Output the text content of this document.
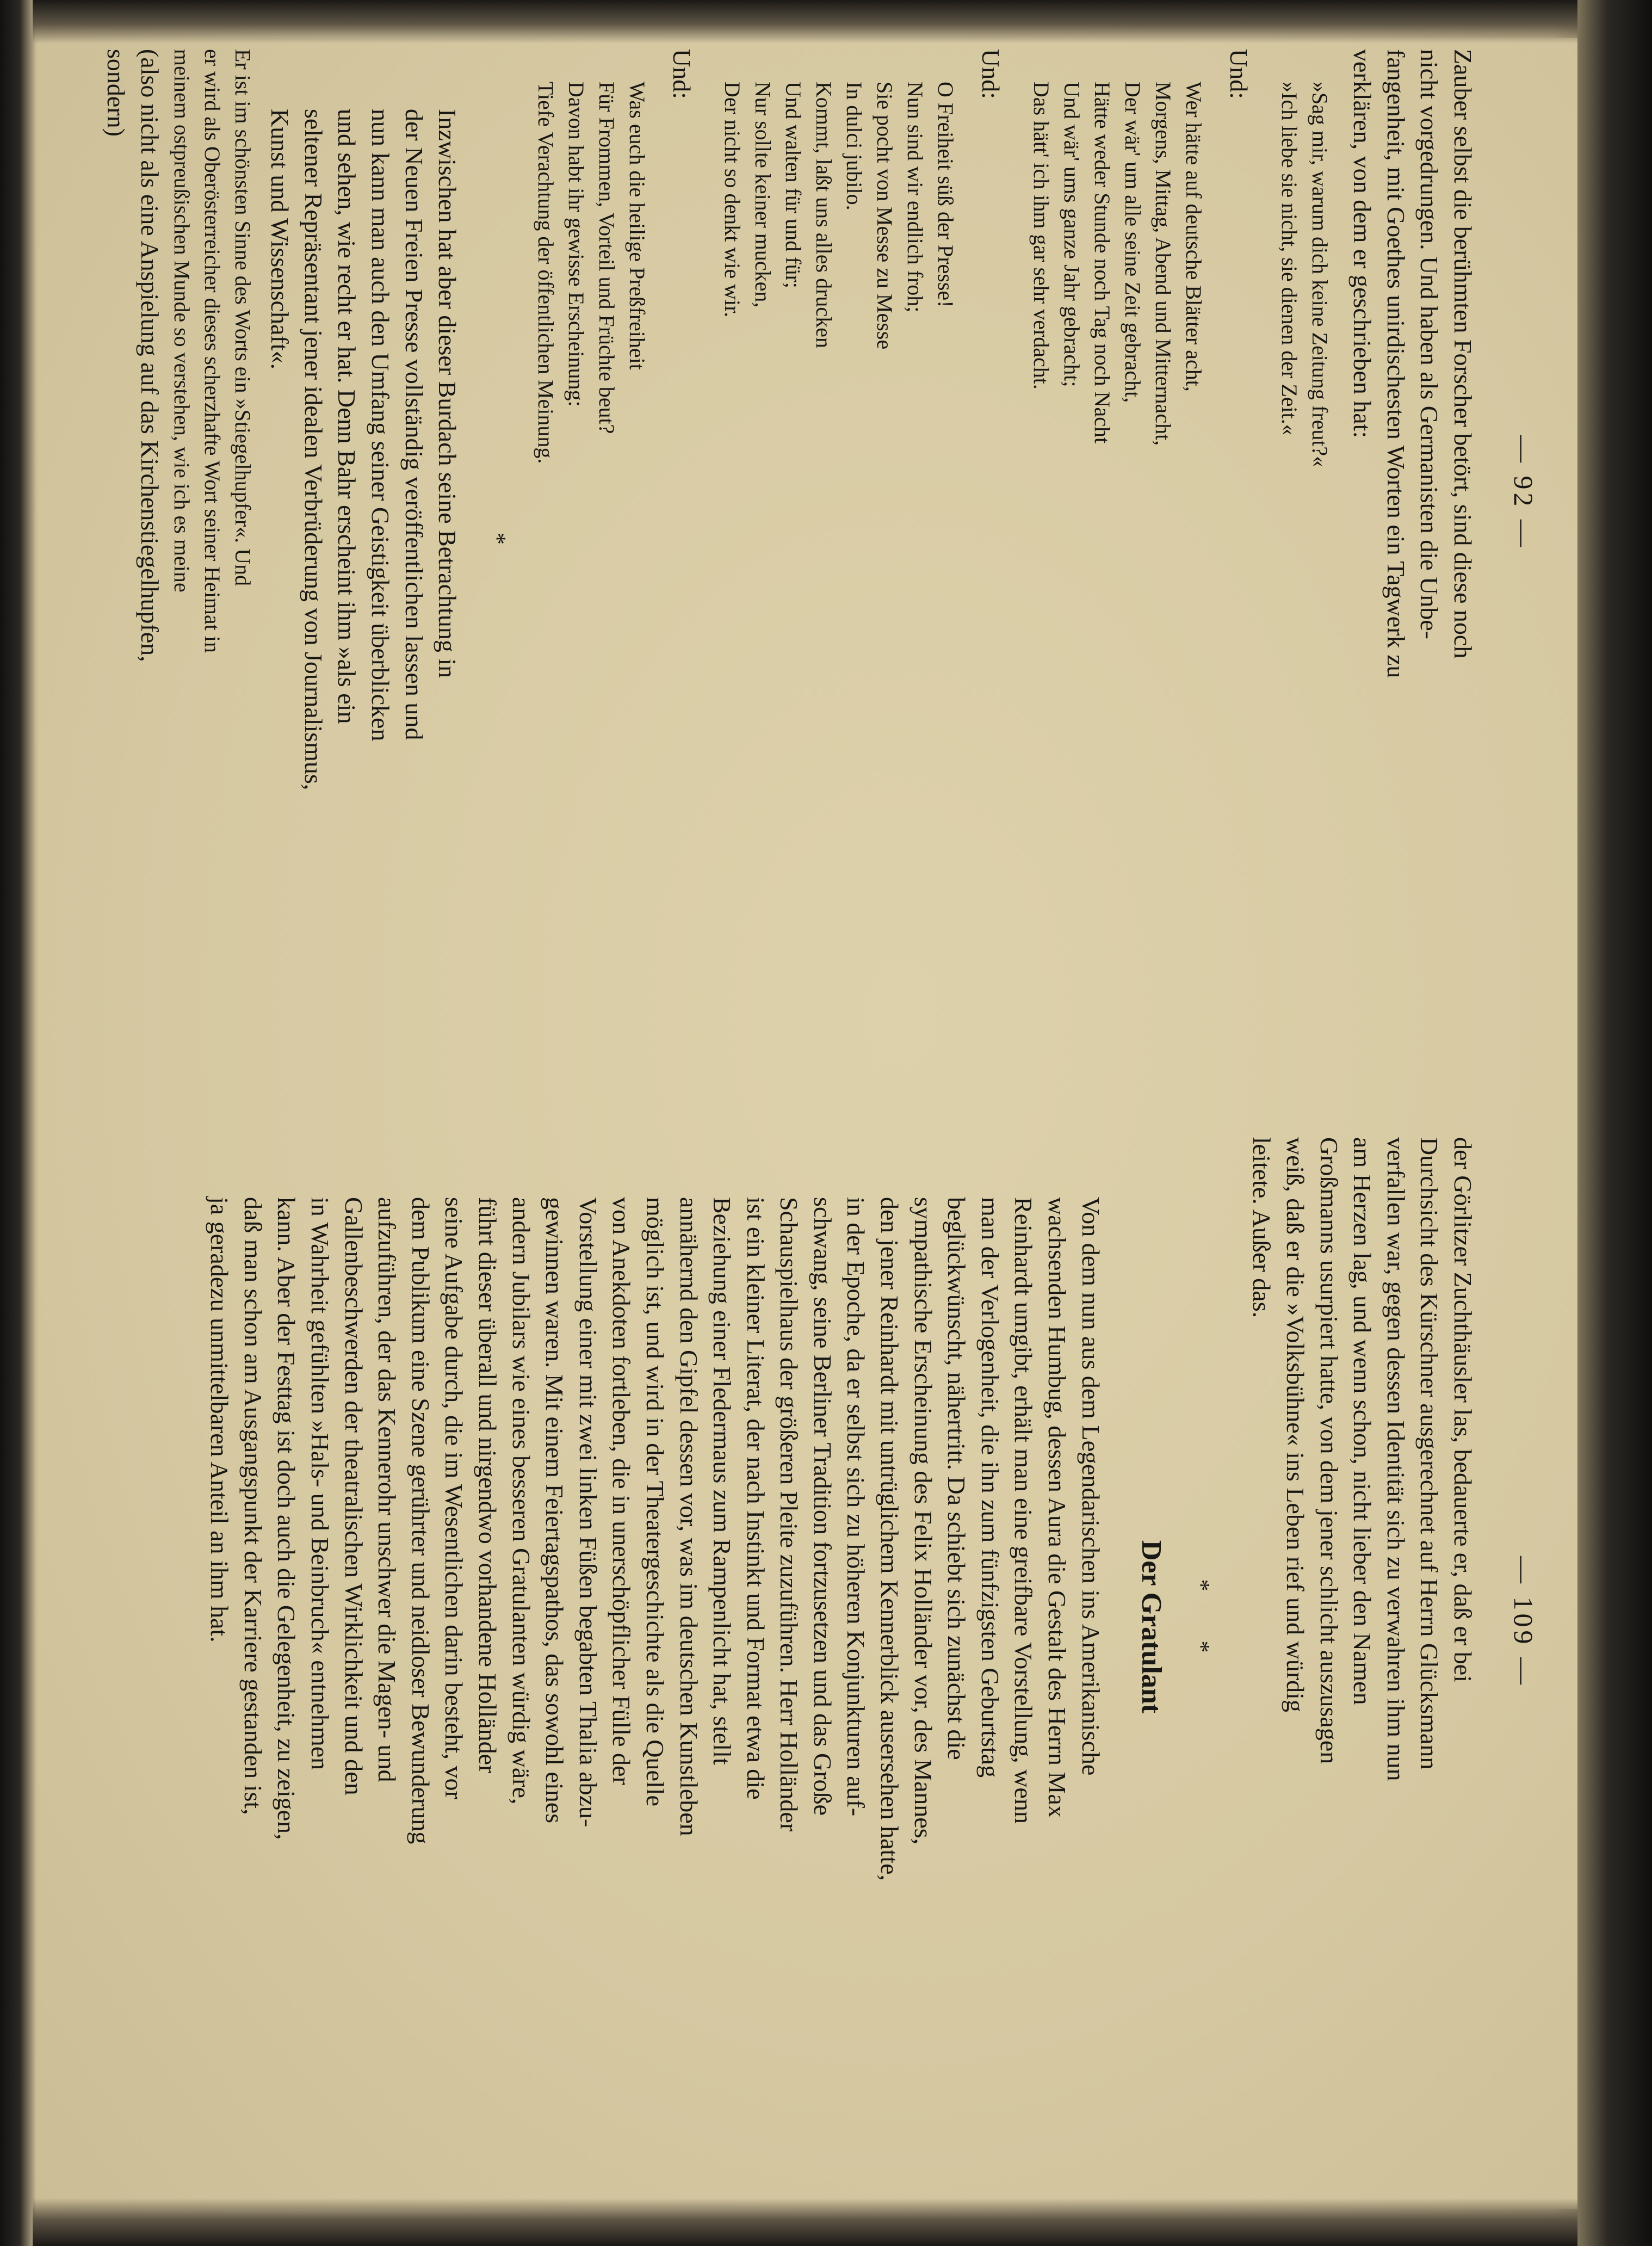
— 92 —
Zauber selbst die berühmten Forscher betört, sind diese noch
nicht vorgedrungen. Und haben als Germanisten die Unbe-
fangenheit, mit Goethes unirdischesten Worten ein Tagwerk zu
verklären, von dem er geschrieben hat:
»Sag mir, warum dich keine Zeitung freut?«
»Ich liebe sie nicht, sie dienen der Zeit.«
Und:
Wer hätte auf deutsche Blätter acht,
Morgens, Mittag, Abend und Mitternacht,
Der wär' um alle seine Zeit gebracht,
Hätte weder Stunde noch Tag noch Nacht
Und wär' ums ganze Jahr gebracht;
Das hätt' ich ihm gar sehr verdacht.
Und:
O Freiheit süß der Presse!
Nun sind wir endlich froh;
Sie pocht von Messe zu Messe
In dulci jubilo.
Kommt, laßt uns alles drucken
Und walten für und für;
Nur sollte keiner mucken,
Der nicht so denkt wie wir.
Und:
Was euch die heilige Preßfreiheit
Für Frommen, Vorteil und Früchte beut?
Davon habt ihr gewisse Erscheinung:
Tiefe Verachtung der öffentlichen Meinung.
*
Inzwischen hat aber dieser Burdach seine Betrachtung in
der Neuen Freien Presse vollständig veröffentlichen lassen und
nun kann man auch den Umfang seiner Geistigkeit überblicken
und sehen, wie recht er hat. Denn Bahr erscheint ihm »als ein
seltener Repräsentant jener idealen Verbrüderung von Journalismus,
Kunst und Wissenschaft«.
Er ist im schönsten Sinne des Worts ein »Stiegelhupfer«. Und
er wird als Oberösterreicher dieses scherzhafte Wort seiner Heimat in
meinem ostpreußischen Munde so verstehen, wie ich es meine
(also nicht als eine Anspielung auf das Kirchenstiegelhupfen,
sondern)
— 109 —
der Görlitzer Zuchthäusler las, bedauerte er, daß er bei
Durchsicht des Kürschner ausgerechnet auf Herrn Glücksmann
verfallen war, gegen dessen Identität sich zu verwahren ihm nun
am Herzen lag, und wenn schon, nicht lieber den Namen
Großmanns usurpiert hatte, von dem jener schlicht auszusagen
weiß, daß er die »Volksbühne« ins Leben rief und würdig
leitete. Außer das.
* *
Der Gratulant
Von dem nun aus dem Legendarischen ins Amerikanische
wachsenden Humbug, dessen Aura die Gestalt des Herrn Max
Reinhardt umgibt, erhält man eine greifbare Vorstellung, wenn
man der Verlogenheit, die ihn zum fünfzigsten Geburtstag
beglückwünscht, nähertritt. Da schiebt sich zunächst die
sympathische Erscheinung des Felix Holländer vor, des Mannes,
den jener Reinhardt mit untrüglichem Kennerblick ausersehen hatte,
in der Epoche, da er selbst sich zu höheren Konjunkturen auf-
schwang, seine Berliner Tradition fortzusetzen und das Große
Schauspielhaus der größeren Pleite zuzuführen. Herr Holländer
ist ein kleiner Literat, der nach Instinkt und Format etwa die
Beziehung einer Fledermaus zum Rampenlicht hat, stellt
annähernd den Gipfel dessen vor, was im deutschen Kunstleben
möglich ist, und wird in der Theatergeschichte als die Quelle
von Anekdoten fortleben, die in unerschöpflicher Fülle der
Vorstellung einer mit zwei linken Füßen begabten Thalia abzu-
gewinnen waren. Mit einem Feiertagspathos, das sowohl eines
andern Jubilars wie eines besseren Gratulanten würdig wäre,
führt dieser überall und nirgendwo vorhandene Holländer
seine Aufgabe durch, die im Wesentlichen darin besteht, vor
dem Publikum eine Szene gerührter und neidloser Bewunderung
aufzuführen, der das Kennerohr unschwer die Magen- und
Gallenbeschwerden der theatralischen Wirklichkeit und den
in Wahrheit gefühlten »Hals- und Beinbruch« entnehmen
kann. Aber der Festtag ist doch auch die Gelegenheit, zu zeigen,
daß man schon am Ausgangspunkt der Karriere gestanden ist,
ja geradezu unmittelbaren Anteil an ihm hat.
